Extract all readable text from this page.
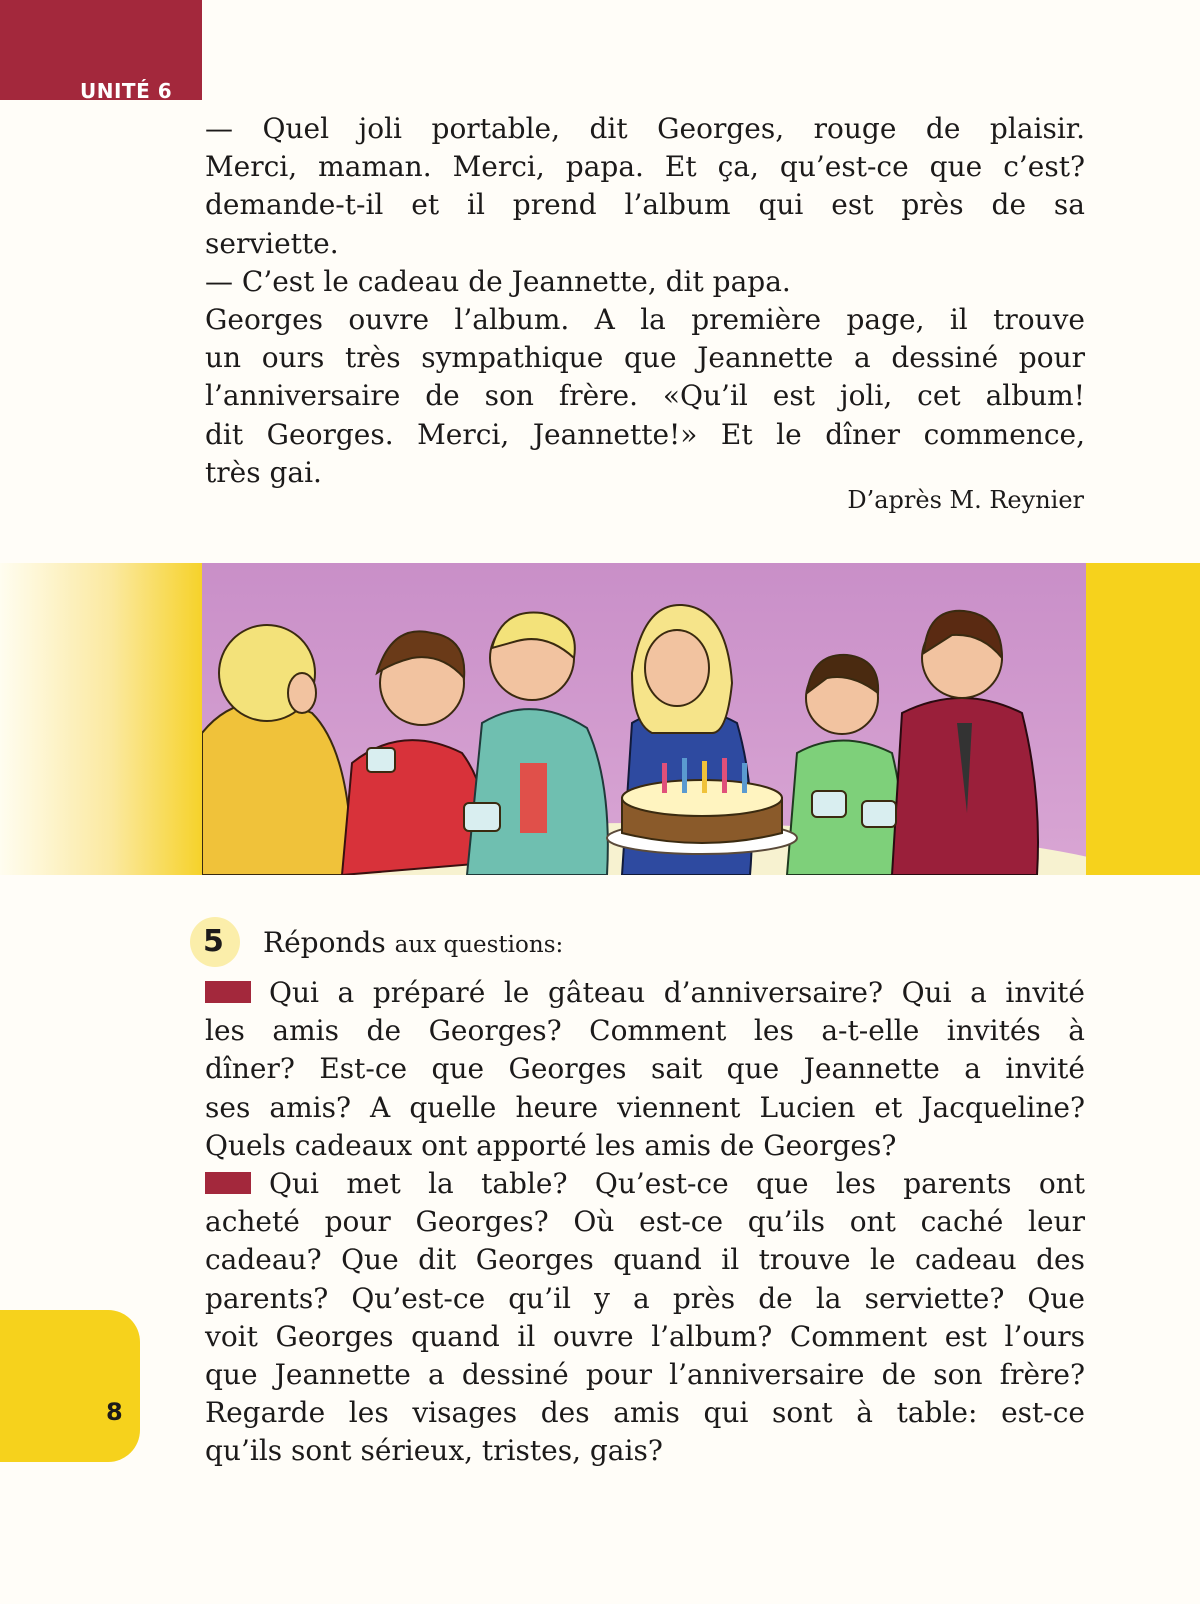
UNITÉ 6

— Quel joli portable, dit Georges, rouge de plaisir.

Merci, maman. Merci, papa. Et ça, qu’est-ce que c’est?

demande-t-il et il prend l’album qui est près de sa

serviette.

— C’est le cadeau de Jeannette, dit papa.

Georges ouvre l’album. A la première page, il trouve

un ours très sympathique que Jeannette a dessiné pour

l’anniversaire de son frère. «Qu’il est joli, cet album!

dit Georges. Merci, Jeannette!» Et le dîner commence,

très gai.

D’après M. Reynier
5 Réponds aux questions:

Qui a préparé le gâteau d’anniversaire? Qui a invité

les amis de Georges? Comment les a-t-elle invités à

dîner? Est-ce que Georges sait que Jeannette a invité

ses amis? A quelle heure viennent Lucien et Jacqueline?

Quels cadeaux ont apporté les amis de Georges?

Qui met la table? Qu’est-ce que les parents ont

acheté pour Georges? Où est-ce qu’ils ont caché leur

cadeau? Que dit Georges quand il trouve le cadeau des

parents? Qu’est-ce qu’il y a près de la serviette? Que

voit Georges quand il ouvre l’album? Comment est l’ours

que Jeannette a dessiné pour l’anniversaire de son frère?

Regarde les visages des amis qui sont à table: est-ce

qu’ils sont sérieux, tristes, gais?

8
